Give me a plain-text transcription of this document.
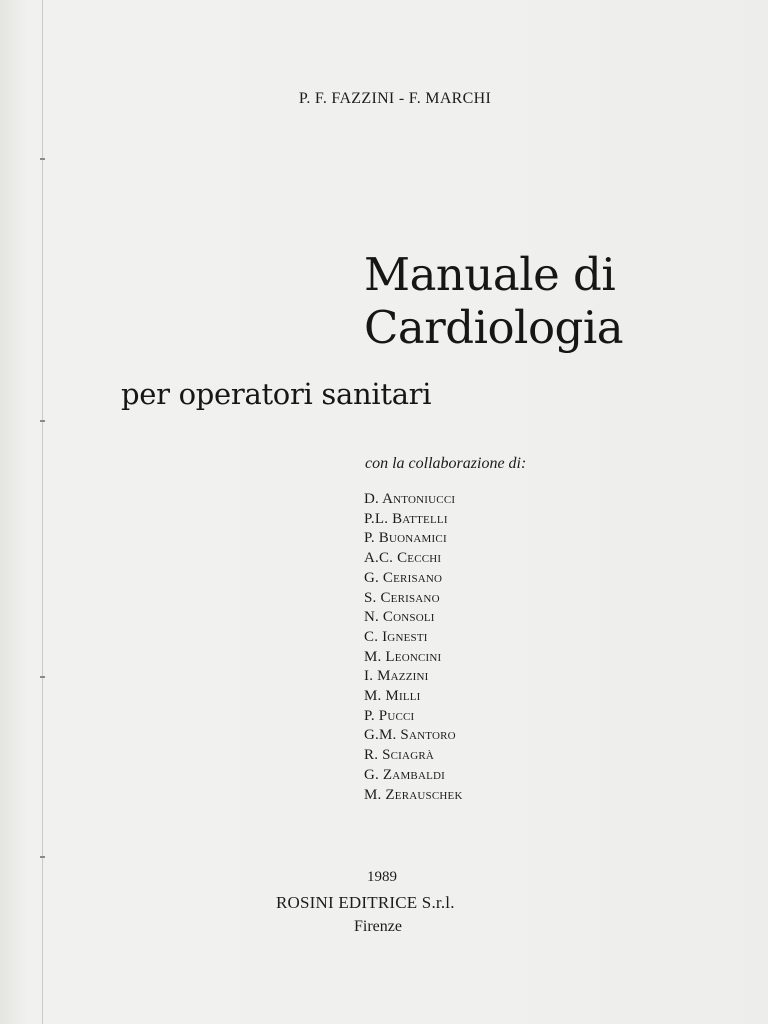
P. F. FAZZINI - F. MARCHI
Manuale di
Cardiologia
per operatori sanitari
con la collaborazione di:
D. Antoniucci
P.L. Battelli
P. Buonamici
A.C. Cecchi
G. Cerisano
S. Cerisano
N. Consoli
C. Ignesti
M. Leoncini
I. Mazzini
M. Milli
P. Pucci
G.M. Santoro
R. Sciagrà
G. Zambaldi
M. Zerauschek
1989
ROSINI EDITRICE S.r.l.
Firenze
